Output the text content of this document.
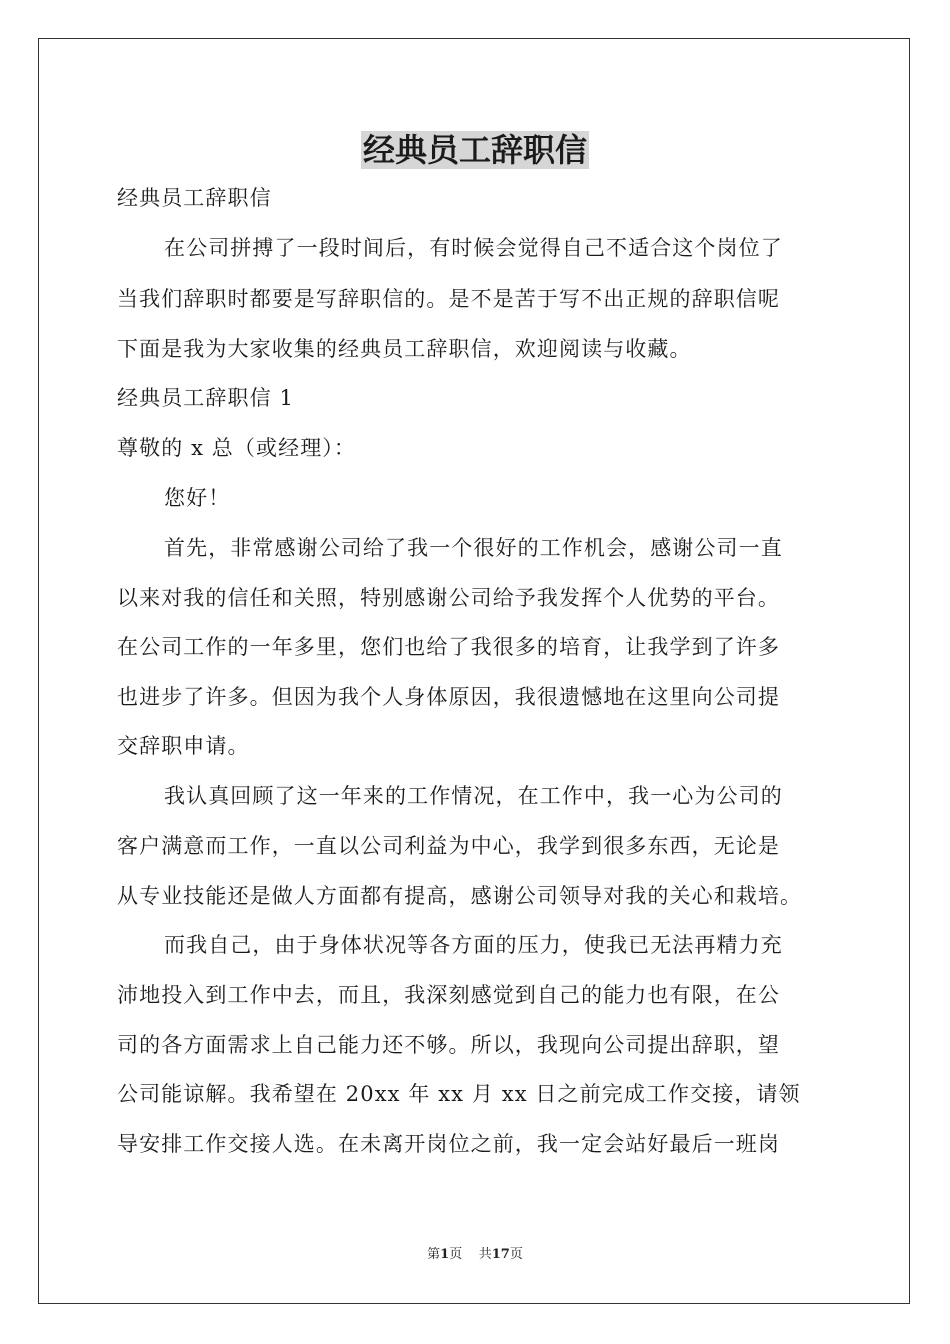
经典员工辞职信

经典员工辞职信

在公司拼搏了一段时间后，有时候会觉得自己不适合这个岗位了

当我们辞职时都要是写辞职信的。是不是苦于写不出正规的辞职信呢

下面是我为大家收集的经典员工辞职信，欢迎阅读与收藏。

经典员工辞职信 1

尊敬的 x 总（或经理）：

您好！

首先，非常感谢公司给了我一个很好的工作机会，感谢公司一直

以来对我的信任和关照，特别感谢公司给予我发挥个人优势的平台。

在公司工作的一年多里，您们也给了我很多的培育，让我学到了许多

也进步了许多。但因为我个人身体原因，我很遗憾地在这里向公司提

交辞职申请。

我认真回顾了这一年来的工作情况，在工作中，我一心为公司的

客户满意而工作，一直以公司利益为中心，我学到很多东西，无论是

从专业技能还是做人方面都有提高，感谢公司领导对我的关心和栽培。

而我自己，由于身体状况等各方面的压力，使我已无法再精力充

沛地投入到工作中去，而且，我深刻感觉到自己的能力也有限，在公

司的各方面需求上自己能力还不够。所以，我现向公司提出辞职，望

公司能谅解。我希望在 20xx 年 xx 月 xx 日之前完成工作交接，请领

导安排工作交接人选。在未离开岗位之前，我一定会站好最后一班岗

第1页 共17页
